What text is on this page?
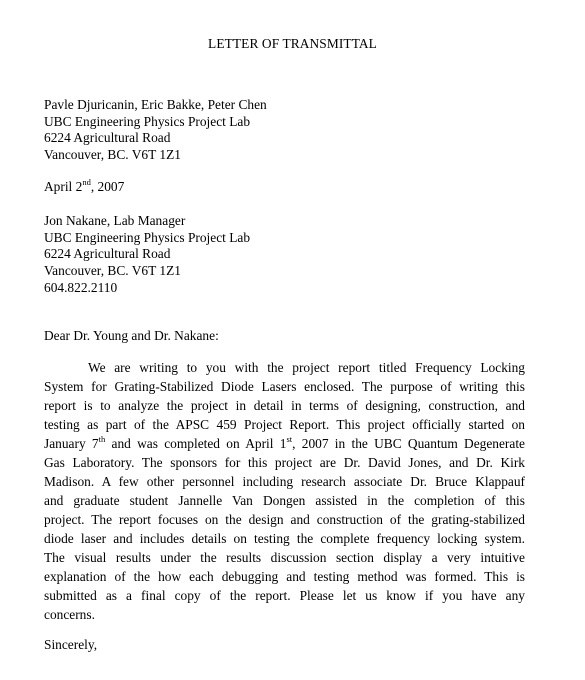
LETTER OF TRANSMITTAL
Pavle Djuricanin, Eric Bakke, Peter Chen
UBC Engineering Physics Project Lab
6224 Agricultural Road
Vancouver, BC. V6T 1Z1
April 2nd, 2007
Jon Nakane, Lab Manager
UBC Engineering Physics Project Lab
6224 Agricultural Road
Vancouver, BC. V6T 1Z1
604.822.2110
Dear Dr. Young and Dr. Nakane:
We are writing to you with the project report titled Frequency Locking
System for Grating-Stabilized Diode Lasers enclosed. The purpose of writing this
report is to analyze the project in detail in terms of designing, construction, and
testing as part of the APSC 459 Project Report. This project officially started on
January 7th and was completed on April 1st, 2007 in the UBC Quantum Degenerate
Gas Laboratory. The sponsors for this project are Dr. David Jones, and Dr. Kirk
Madison. A few other personnel including research associate Dr. Bruce Klappauf
and graduate student Jannelle Van Dongen assisted in the completion of this
project. The report focuses on the design and construction of the grating-stabilized
diode laser and includes details on testing the complete frequency locking system.
The visual results under the results discussion section display a very intuitive
explanation of the how each debugging and testing method was formed. This is
submitted as a final copy of the report. Please let us know if you have any
concerns.
Sincerely,
